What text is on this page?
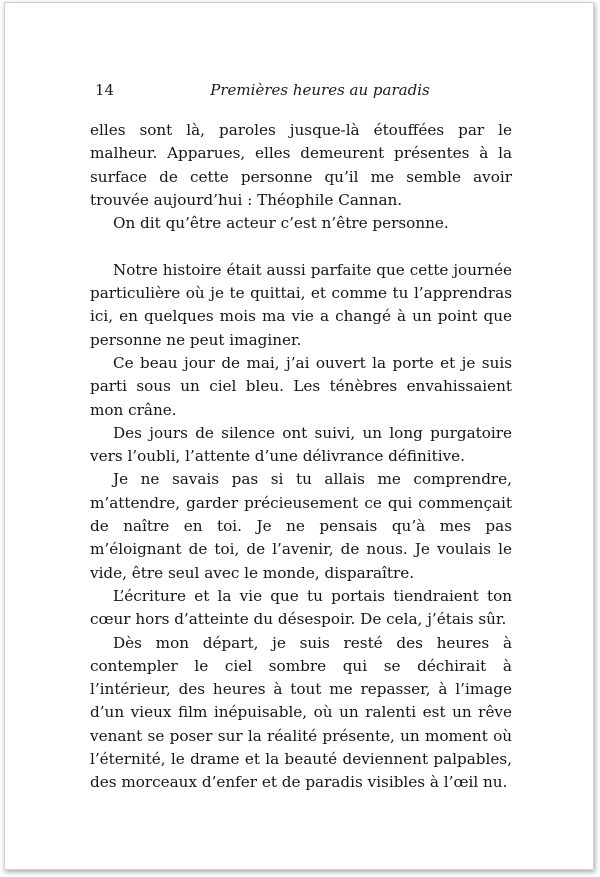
14	Premières heures au paradis

elles sont là, paroles jusque-là étouffées par le malheur. Apparues, elles demeurent présentes à la surface de cette personne qu’il me semble avoir trouvée aujourd’hui : Théophile Cannan.

On dit qu’être acteur c’est n’être personne.

Notre histoire était aussi parfaite que cette journée particulière où je te quittai, et comme tu l’apprendras ici, en quelques mois ma vie a changé à un point que personne ne peut imaginer.

Ce beau jour de mai, j’ai ouvert la porte et je suis parti sous un ciel bleu. Les ténèbres envahissaient mon crâne.

Des jours de silence ont suivi, un long purgatoire vers l’oubli, l’attente d’une délivrance définitive.

Je ne savais pas si tu allais me comprendre, m’attendre, garder précieusement ce qui commençait de naître en toi. Je ne pensais qu’à mes pas m’éloignant de toi, de l’avenir, de nous. Je voulais le vide, être seul avec le monde, disparaître.

L’écriture et la vie que tu portais tiendraient ton cœur hors d’atteinte du désespoir. De cela, j’étais sûr.

Dès mon départ, je suis resté des heures à contempler le ciel sombre qui se déchirait à l’intérieur, des heures à tout me repasser, à l’image d’un vieux film inépuisable, où un ralenti est un rêve venant se poser sur la réalité présente, un moment où l’éternité, le drame et la beauté deviennent palpables, des morceaux d’enfer et de paradis visibles à l’œil nu.
